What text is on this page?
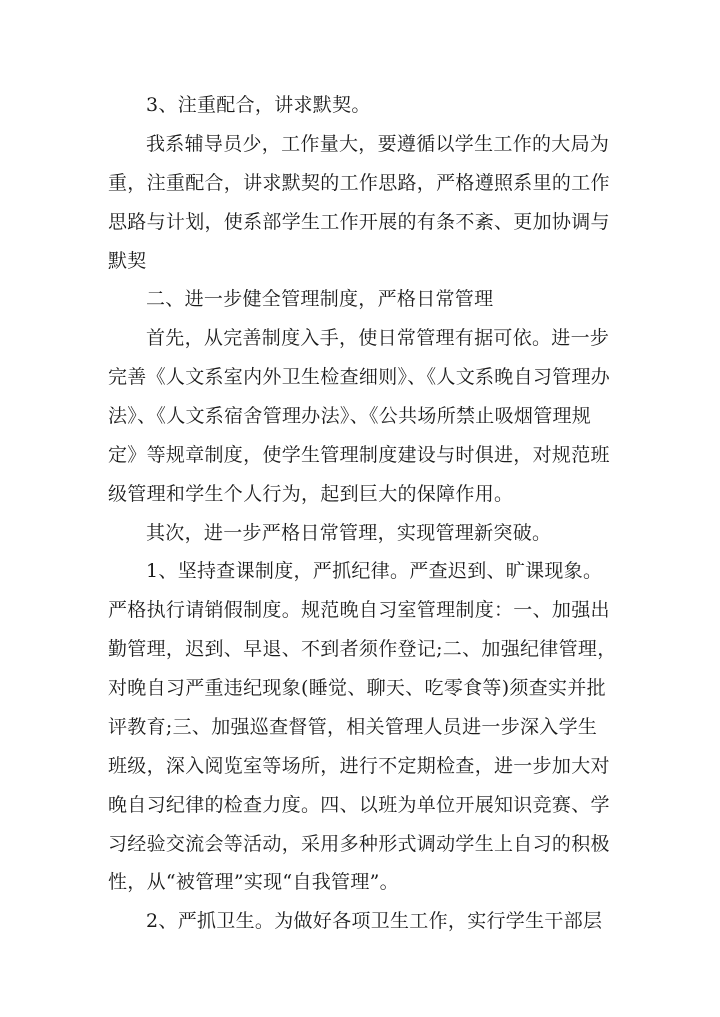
3、注重配合，讲求默契。
我系辅导员少，工作量大，要遵循以学生工作的大局为
重，注重配合，讲求默契的工作思路，严格遵照系里的工作
思路与计划，使系部学生工作开展的有条不紊、更加协调与
默契
二、进一步健全管理制度，严格日常管理
首先，从完善制度入手，使日常管理有据可依。进一步
完善《人文系室内外卫生检查细则》、《人文系晚自习管理办
法》、《人文系宿舍管理办法》、《公共场所禁止吸烟管理规
定》等规章制度，使学生管理制度建设与时俱进，对规范班
级管理和学生个人行为，起到巨大的保障作用。
其次，进一步严格日常管理，实现管理新突破。
1、坚持查课制度，严抓纪律。严查迟到、旷课现象。
严格执行请销假制度。规范晚自习室管理制度：一、加强出
勤管理，迟到、早退、不到者须作登记;二、加强纪律管理，
对晚自习严重违纪现象(睡觉、聊天、吃零食等)须查实并批
评教育;三、加强巡查督管，相关管理人员进一步深入学生
班级，深入阅览室等场所，进行不定期检查，进一步加大对
晚自习纪律的检查力度。四、以班为单位开展知识竞赛、学
习经验交流会等活动，采用多种形式调动学生上自习的积极
性，从“被管理”实现“自我管理”。
2、严抓卫生。为做好各项卫生工作，实行学生干部层
